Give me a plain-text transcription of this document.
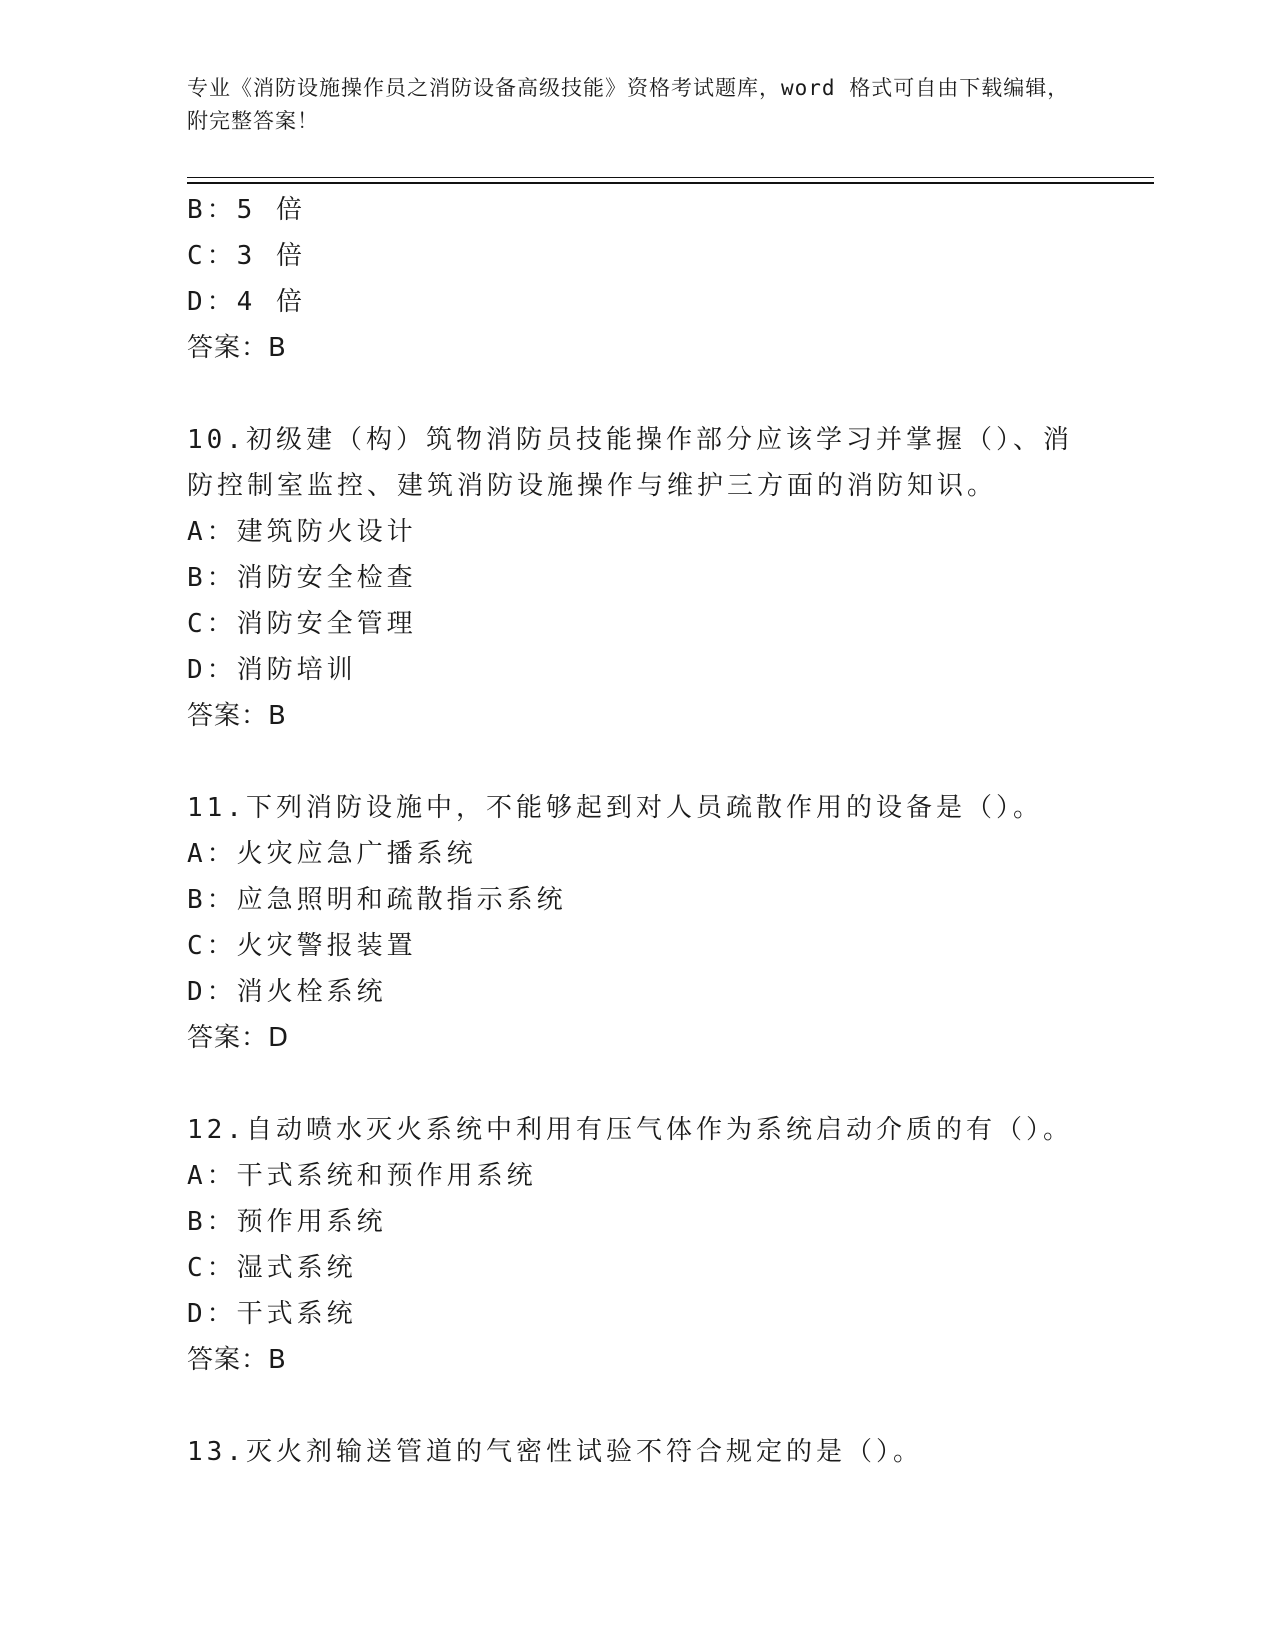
专业《消防设施操作员之消防设备高级技能》资格考试题库，word 格式可自由下载编辑，附完整答案！
B：5 倍
C：3 倍
D：4 倍
答案：B
10.初级建（构）筑物消防员技能操作部分应该学习并掌握（）、消防控制室监控、建筑消防设施操作与维护三方面的消防知识。
A：建筑防火设计
B：消防安全检查
C：消防安全管理
D：消防培训
答案：B
11.下列消防设施中，不能够起到对人员疏散作用的设备是（）。
A：火灾应急广播系统
B：应急照明和疏散指示系统
C：火灾警报装置
D：消火栓系统
答案：D
12.自动喷水灭火系统中利用有压气体作为系统启动介质的有（）。
A：干式系统和预作用系统
B：预作用系统
C：湿式系统
D：干式系统
答案：B
13.灭火剂输送管道的气密性试验不符合规定的是（）。
